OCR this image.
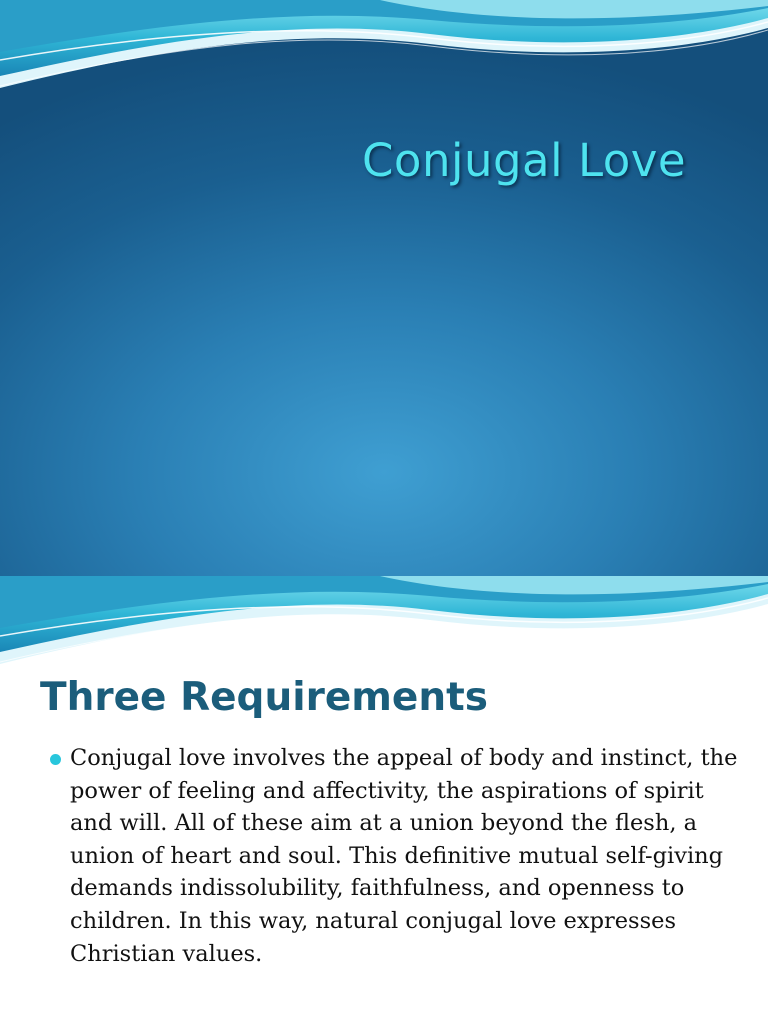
Conjugal Love
Three Requirements
Conjugal love involves the appeal of body and instinct, the power of feeling and affectivity, the aspirations of spirit and will. All of these aim at a union beyond the flesh, a union of heart and soul. This definitive mutual self-giving demands indissolubility, faithfulness, and openness to children. In this way, natural conjugal love expresses Christian values.
